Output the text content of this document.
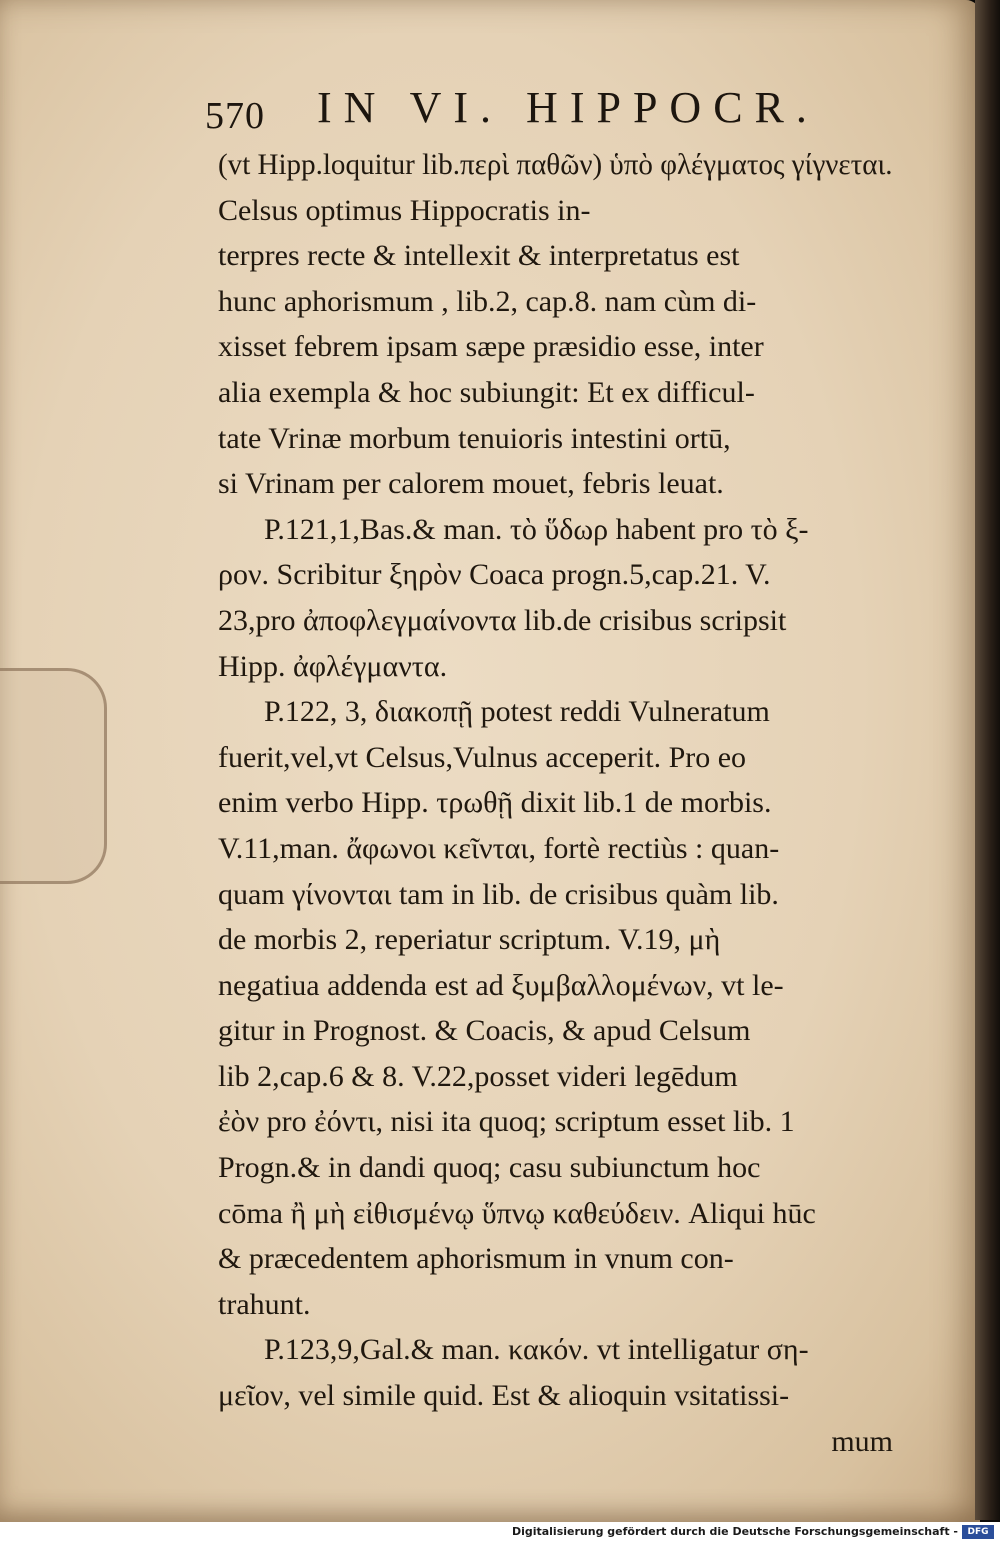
570 IN VI. HIPPOCR.
(vt Hipp.loquitur lib.περὶ παθῶν) ὑπὸ φλέγματος γίγνεται.
Celsus optimus Hippocratis in-
terpres recte & intellexit & interpretatus est
hunc aphorismum , lib.2, cap.8. nam cùm di-
xisset febrem ipsam sæpe præsidio esse, inter
alia exempla & hoc subiungit: Et ex difficul-
tate Vrinæ morbum tenuioris intestini ortū,
si Vrinam per calorem mouet, febris leuat.
P.121,1,Bas.& man. τὸ ὕδωρ habent pro τὸ ξ-
ρον. Scribitur ξηρὸν Coaca progn.5,cap.21. V.
23,pro ἀποφλεγμαίνοντα lib.de crisibus scripsit
Hipp. ἀφλέγμαντα.
P.122, 3, διακοπῇ potest reddi Vulneratum
fuerit,vel,vt Celsus,Vulnus acceperit. Pro eo
enim verbo Hipp. τρωθῇ dixit lib.1 de morbis.
V.11,man. ἄφωνοι κεῖνται, fortè rectiùs : quan-
quam γίνονται tam in lib. de crisibus quàm lib.
de morbis 2, reperiatur scriptum. V.19, μὴ
negatiua addenda est ad ξυμβαλλομένων, vt le-
gitur in Prognost. & Coacis, & apud Celsum
lib 2,cap.6 & 8. V.22,posset videri legēdum
ἐὸν pro ἐόντι, nisi ita quoq; scriptum esset lib. 1
Progn.& in dandi quoq; casu subiunctum hoc
cōma ἢ μὴ εἰθισμένῳ ὕπνῳ καθεύδειν. Aliqui hūc
& præcedentem aphorismum in vnum con-
trahunt.
P.123,9,Gal.& man. κακόν. vt intelligatur ση-
μεῖον, vel simile quid. Est & alioquin vsitatissi-
mum
Digitalisierung gefördert durch die Deutsche Forschungsgemeinschaft -	DFG
